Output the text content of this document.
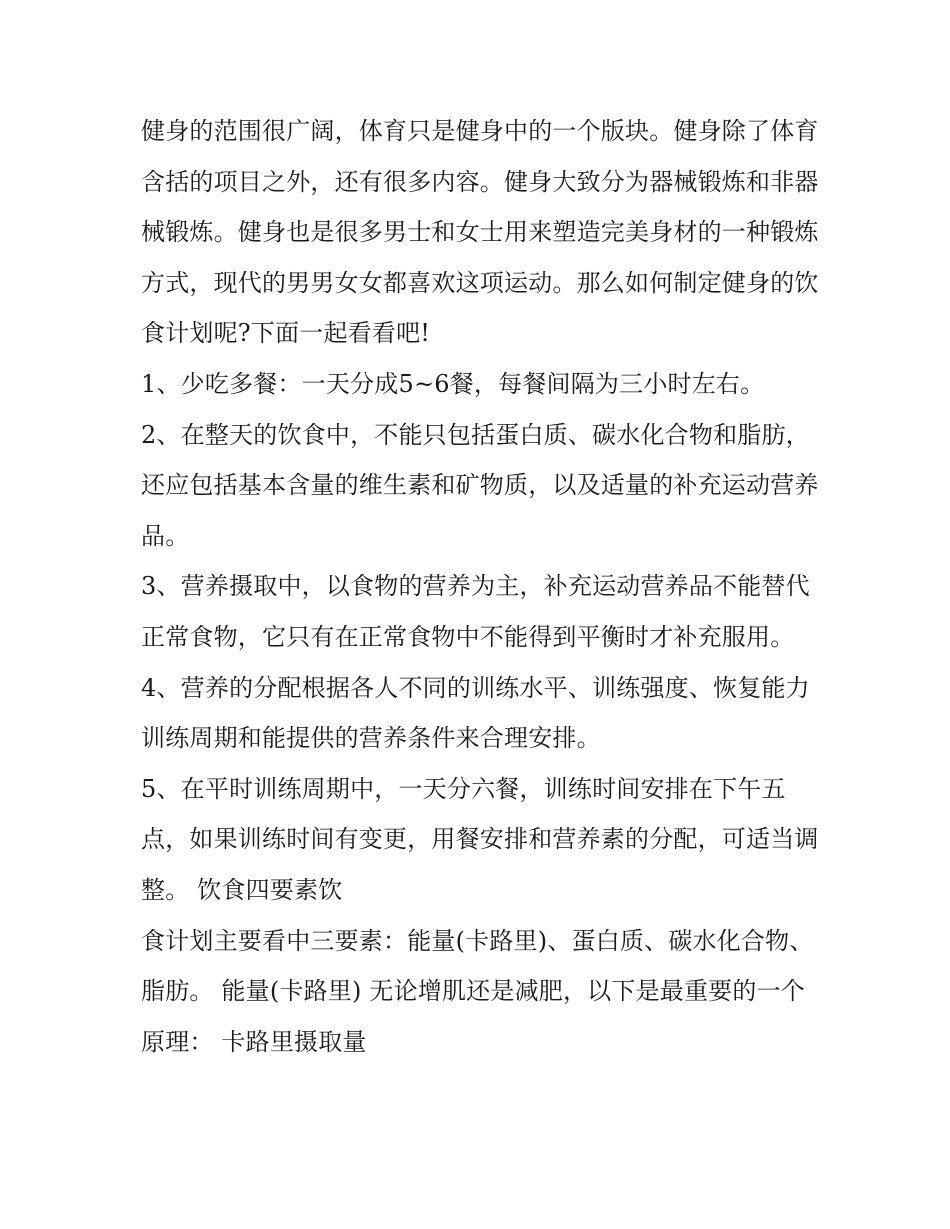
健身的范围很广阔，体育只是健身中的一个版块。健身除了体育含括的项目之外，还有很多内容。健身大致分为器械锻炼和非器械锻炼。健身也是很多男士和女士用来塑造完美身材的一种锻炼方式，现代的男男女女都喜欢这项运动。那么如何制定健身的饮食计划呢?下面一起看看吧!

1、少吃多餐：一天分成5~6餐，每餐间隔为三小时左右。

2、在整天的饮食中，不能只包括蛋白质、碳水化合物和脂肪，还应包括基本含量的维生素和矿物质，以及适量的补充运动营养品。

3、营养摄取中，以食物的营养为主，补充运动营养品不能替代正常食物，它只有在正常食物中不能得到平衡时才补充服用。

4、营养的分配根据各人不同的训练水平、训练强度、恢复能力训练周期和能提供的营养条件来合理安排。

5、在平时训练周期中，一天分六餐，训练时间安排在下午五点，如果训练时间有变更，用餐安排和营养素的分配，可适当调整。 饮食四要素饮

食计划主要看中三要素：能量(卡路里)、蛋白质、碳水化合物、脂肪。 能量(卡路里) 无论增肌还是减肥，以下是最重要的一个原理： 卡路里摄取量
